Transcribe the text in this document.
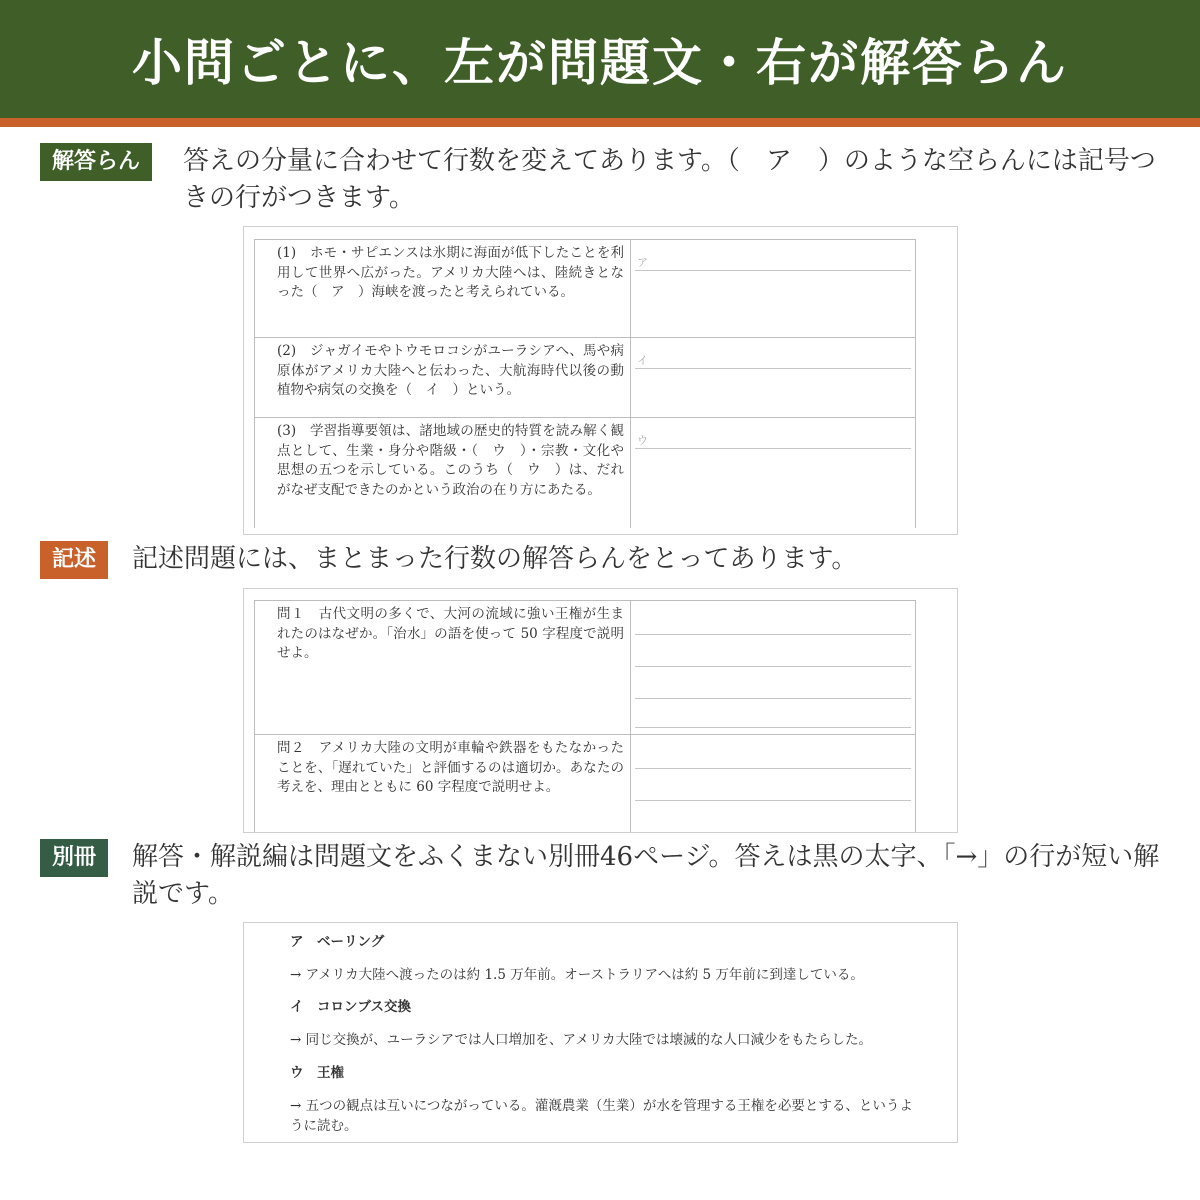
小問ごとに、左が問題文・右が解答らん
解答らん	答えの分量に合わせて行数を変えてあります。（　ア　）のような空らんには記号つきの行がつきます。
(1)　ホモ・サピエンスは氷期に海面が低下したことを利用して世界へ広がった。アメリカ大陸へは、陸続きとなった（　ア　）海峡を渡ったと考えられている。
ア
(2)　ジャガイモやトウモロコシがユーラシアへ、馬や病原体がアメリカ大陸へと伝わった、大航海時代以後の動植物や病気の交換を（　イ　）という。
イ
(3)　学習指導要領は、諸地域の歴史的特質を読み解く観点として、生業・身分や階級・（　ウ　）・宗教・文化や思想の五つを示している。このうち（　ウ　）は、だれがなぜ支配できたのかという政治の在り方にあたる。
ウ
記述	記述問題には、まとまった行数の解答らんをとってあります。
問１　古代文明の多くで、大河の流域に強い王権が生まれたのはなぜか。「治水」の語を使って 50 字程度で説明せよ。
問２　アメリカ大陸の文明が車輪や鉄器をもたなかったことを、「遅れていた」と評価するのは適切か。あなたの考えを、理由とともに 60 字程度で説明せよ。
別冊	解答・解説編は問題文をふくまない別冊46ページ。答えは黒の太字、「→」の行が短い解説です。
ア　ベーリング
→ アメリカ大陸へ渡ったのは約 1.5 万年前。オーストラリアへは約 5 万年前に到達している。
イ　コロンブス交換
→ 同じ交換が、ユーラシアでは人口増加を、アメリカ大陸では壊滅的な人口減少をもたらした。
ウ　王権
→ 五つの観点は互いにつながっている。灌漑農業（生業）が水を管理する王権を必要とする、というように読む。
